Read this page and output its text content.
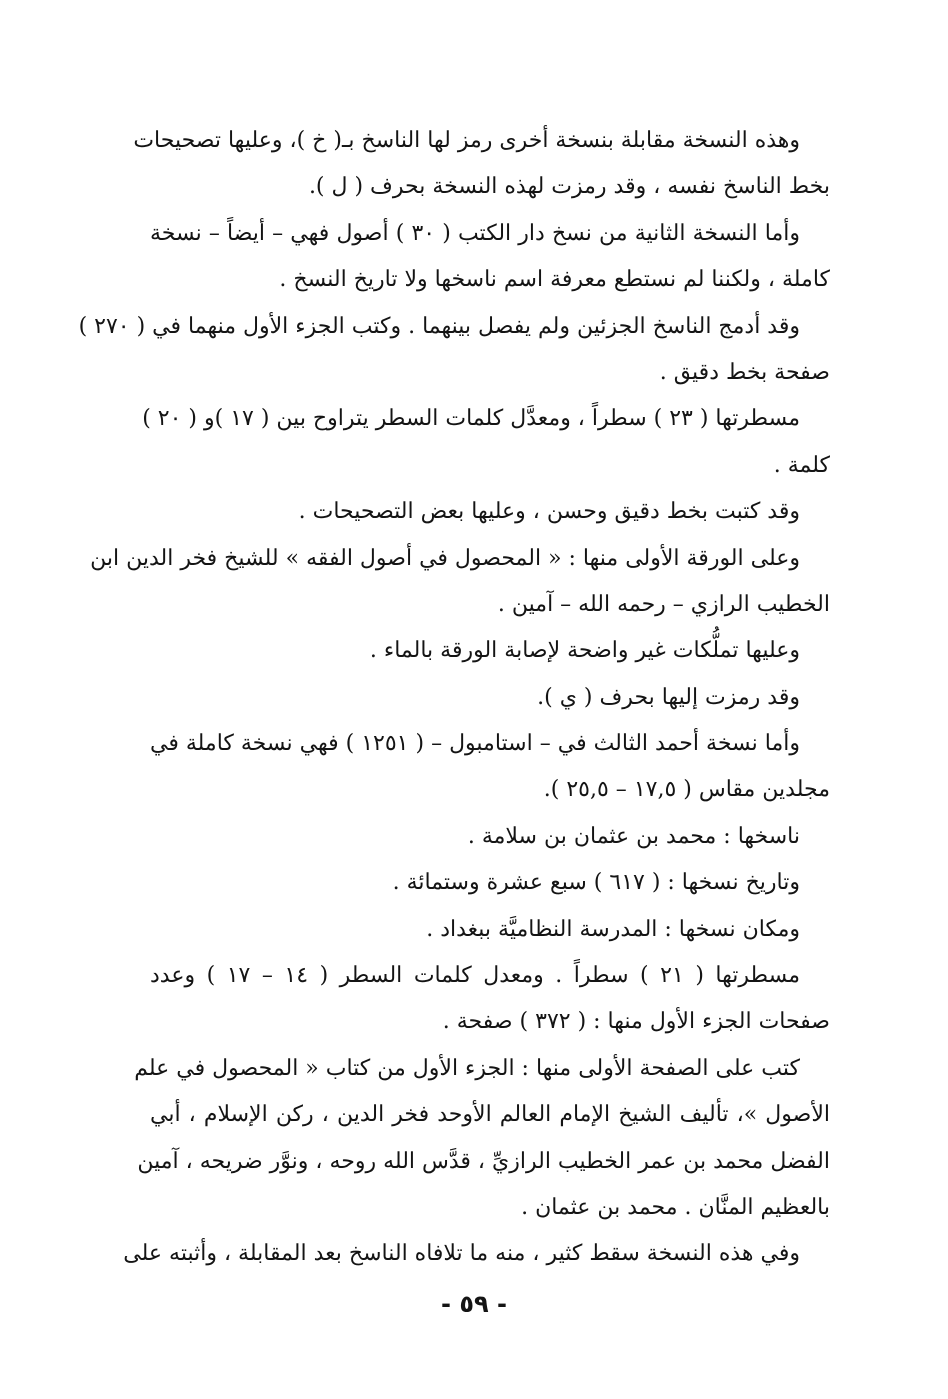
وهذه النسخة مقابلة بنسخة أخرى رمز لها الناسخ بـ( خ )، وعليها تصحيحات
بخط الناسخ نفسه ، وقد رمزت لهذه النسخة بحرف ( ل ).
وأما النسخة الثانية من نسخ دار الكتب ( ٣٠ ) أصول فهي – أيضاً – نسخة
كاملة ، ولكننا لم نستطع معرفة اسم ناسخها ولا تاريخ النسخ .
وقد أدمج الناسخ الجزئين ولم يفصل بينهما . وكتب الجزء الأول منهما في ( ٢٧٠ )
صفحة بخط دقيق .
مسطرتها ( ٢٣ ) سطراً ، ومعدَّل كلمات السطر يتراوح بين ( ١٧ )و ( ٢٠ )
كلمة .
وقد كتبت بخط دقيق وحسن ، وعليها بعض التصحيحات .
وعلى الورقة الأولى منها : « المحصول في أصول الفقه » للشيخ فخر الدين ابن
الخطيب الرازي – رحمه الله – آمين .
وعليها تملُّكات غير واضحة لإصابة الورقة بالماء .
وقد رمزت إليها بحرف ( ي ).
وأما نسخة أحمد الثالث في – استامبول – ( ١٢٥١ ) فهي نسخة كاملة في
مجلدين مقاس ( ١٧,٥ – ٢٥,٥ ).
ناسخها : محمد بن عثمان بن سلامة .
وتاريخ نسخها : ( ٦١٧ ) سبع عشرة وستمائة .
ومكان نسخها : المدرسة النظاميَّة ببغداد .
مسطرتها ( ٢١ ) سطراً . ومعدل كلمات السطر ( ١٤ – ١٧ ) وعدد
صفحات الجزء الأول منها : ( ٣٧٢ ) صفحة .
كتب على الصفحة الأولى منها : الجزء الأول من كتاب « المحصول في علم
الأصول »، تأليف الشيخ الإمام العالم الأوحد فخر الدين ، ركن الإسلام ، أبي
الفضل محمد بن عمر الخطيب الرازيِّ ، قدَّس الله روحه ، ونوَّر ضريحه ، آمين
بالعظيم المنَّان . محمد بن عثمان .
وفي هذه النسخة سقط كثير ، منه ما تلافاه الناسخ بعد المقابلة ، وأثبته على
- ٥٩ -
